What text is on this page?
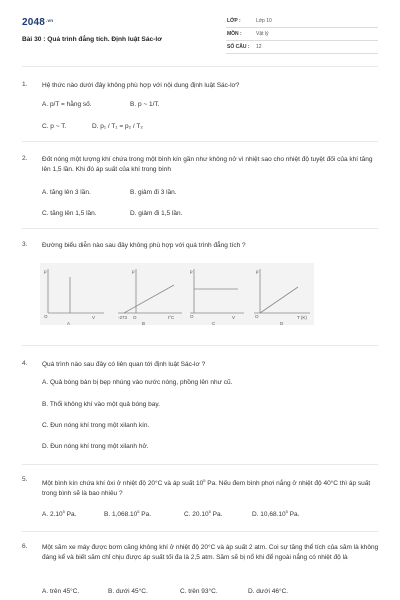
$2048^{.vn}$
Bài 30 : Quá trình đẳng tích. Định luật Sác-lơ
LỚP :	Lớp 10
MÔN :	Vật lý
SỐ CÂU : 12
1. Hệ thức nào dưới đây không phù hợp với nội dung định luật Sác-lơ?
A. p/T = hằng số.	B. p ~ 1/T.
C. p ~ T.	D. p₁ / T₁ = p₂ / T₂
2. Đốt nóng một lượng khí chứa trong một bình kín gần như không nở vì nhiệt sao cho nhiệt độ tuyệt đối của khí tăng lên 1,5 lần. Khi đó áp suất của khí trong bình
A. tăng lên 3 lần.	B. giảm đi 3 lần.
C. tăng lên 1,5 lần.	D. giảm đi 1,5 lần.
3. Đường biểu diễn nào sau đây không phù hợp với quá trình đẳng tích ?
p
O	V
A
p
-273 O	t°C
B
p
O	V
C
p
O	T (K)
D
4. Quá trình nào sau đây có liên quan tới định luật Sác-lơ ?
A. Quả bóng bàn bị bẹp nhúng vào nước nóng, phồng lên như cũ.
B. Thổi không khí vào một quả bóng bay.
C. Đun nóng khí trong một xilanh kín.
D. Đun nóng khí trong một xilanh hở.
5.
Một bình kín chứa khí ôxi ở nhiệt độ 20°C và áp suất $10^5$ Pa. Nếu đem bình phơi nắng ở nhiệt độ 40°C thì áp suất trong bình sẽ là bao nhiêu ?
A. 2.10$^5$ Pa.	B. 1,068.10$^5$ Pa.	C. 20.10$^5$ Pa.	D. 10,68.10$^5$ Pa.
6. Một săm xe máy được bơm căng không khí ở nhiệt độ 20°C và áp suất 2 atm. Coi sự tăng thể tích của săm là không đáng kể và biết săm chỉ chịu được áp suất tối đa là 2,5 atm. Săm sẽ bị nổ khi để ngoài nắng có nhiệt độ là
A. trên 45°C.	B. dưới 45°C.	C. trên 93°C.	D. dưới 46°C.
